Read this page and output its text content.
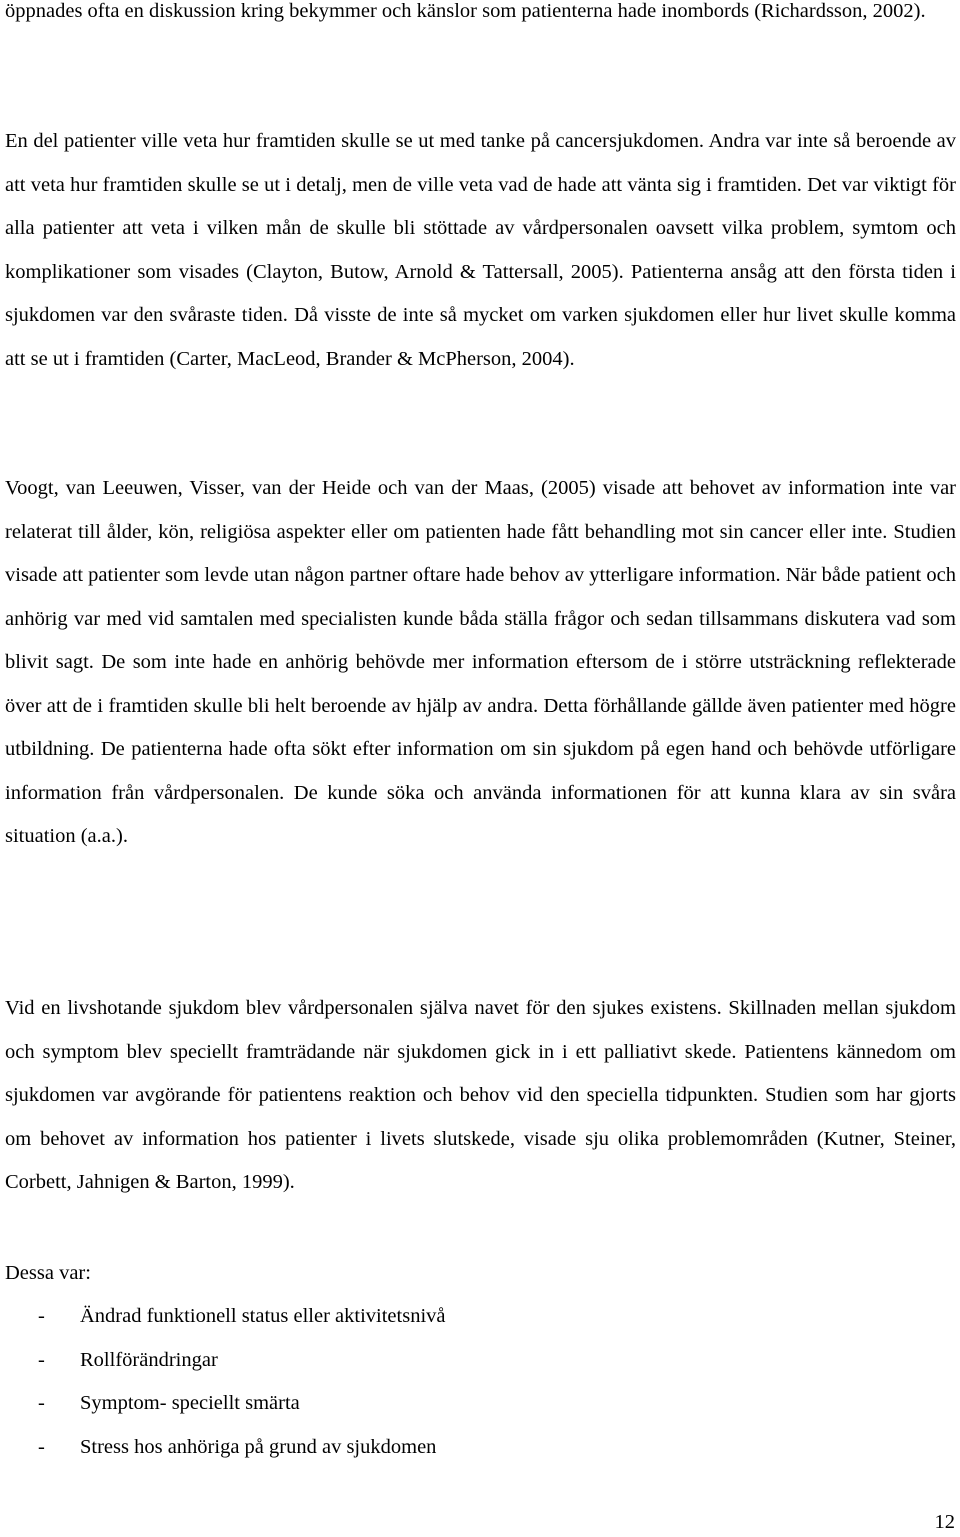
öppnades ofta en diskussion kring bekymmer och känslor som patienterna hade inombords (Richardsson, 2002).

En del patienter ville veta hur framtiden skulle se ut med tanke på cancersjukdomen. Andra var inte så beroende av att veta hur framtiden skulle se ut i detalj, men de ville veta vad de hade att vänta sig i framtiden. Det var viktigt för alla patienter att veta i vilken mån de skulle bli stöttade av vårdpersonalen oavsett vilka problem, symtom och komplikationer som visades (Clayton, Butow, Arnold & Tattersall, 2005). Patienterna ansåg att den första tiden i sjukdomen var den svåraste tiden. Då visste de inte så mycket om varken sjukdomen eller hur livet skulle komma att se ut i framtiden (Carter, MacLeod, Brander & McPherson, 2004).

Voogt, van Leeuwen, Visser, van der Heide och van der Maas, (2005) visade att behovet av information inte var relaterat till ålder, kön, religiösa aspekter eller om patienten hade fått behandling mot sin cancer eller inte. Studien visade att patienter som levde utan någon partner oftare hade behov av ytterligare information. När både patient och anhörig var med vid samtalen med specialisten kunde båda ställa frågor och sedan tillsammans diskutera vad som blivit sagt. De som inte hade en anhörig behövde mer information eftersom de i större utsträckning reflekterade över att de i framtiden skulle bli helt beroende av hjälp av andra. Detta förhållande gällde även patienter med högre utbildning. De patienterna hade ofta sökt efter information om sin sjukdom på egen hand och behövde utförligare information från vårdpersonalen. De kunde söka och använda informationen för att kunna klara av sin svåra situation (a.a.).

Vid en livshotande sjukdom blev vårdpersonalen själva navet för den sjukes existens. Skillnaden mellan sjukdom och symptom blev speciellt framträdande när sjukdomen gick in i ett palliativt skede. Patientens kännedom om sjukdomen var avgörande för patientens reaktion och behov vid den speciella tidpunkten. Studien som har gjorts om behovet av information hos patienter i livets slutskede, visade sju olika problemområden (Kutner, Steiner, Corbett, Jahnigen & Barton, 1999).

Dessa var:

- Ändrad funktionell status eller aktivitetsnivå
- Rollförändringar
- Symptom- speciellt smärta
- Stress hos anhöriga på grund av sjukdomen
12
